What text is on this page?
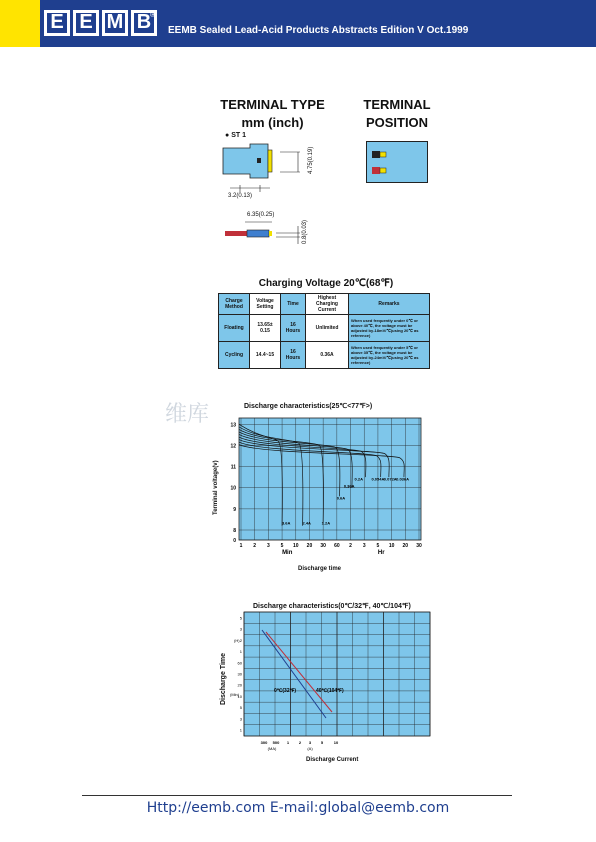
E E M B
®
EEMB Sealed Lead-Acid Products Abstracts Edition V Oct.1999
TERMINAL TYPE
mm (inch)
TERMINAL
POSITION
● ST 1
4.75(0.19)
3.2(0.13)
6.35(0.25)
0.8(0.03)
Charging Voltage 20℃(68℉)
Charge Method	Voltage Setting	Time	Highest Charging Current	Remarks
Floating	13.65± 0.15	16 Hours	Unlimited	When used frequently under 0℃ or above 40℃, the voltage must be adjusted by-18mV/℃(using 20℃ as reference)
Cycling	14.4~15	16 Hours	0.36A	When used frequently under 5℃ or above 35℃, the voltage must be adjusted by-24mV/℃(using 20℃ as reference)
维库	Discharge characteristics(25℃<77℉>)
Terminal voltage(v)
Discharge time
0
8
9
10
11
12
13
1 2 3 5 10 20 30 60 2 3 5 10 20 30
Min	Hr
3.6A	2.4A	1.2A
0.6A
0.36A
0.2A 0.054A 0.072A 0.036A
Discharge characteristics(0℃/32℉, 40℃/104℉)
Discharge Time
Discharge Current
5
3
2
1
60
30
20
10
5
3
1
(H)
(Min)
300 500 1 2 3 5	10
(MA)	(A)
0℃(32℉)	40℃(104℉)
Http://eemb.com E-mail:global@eemb.com
